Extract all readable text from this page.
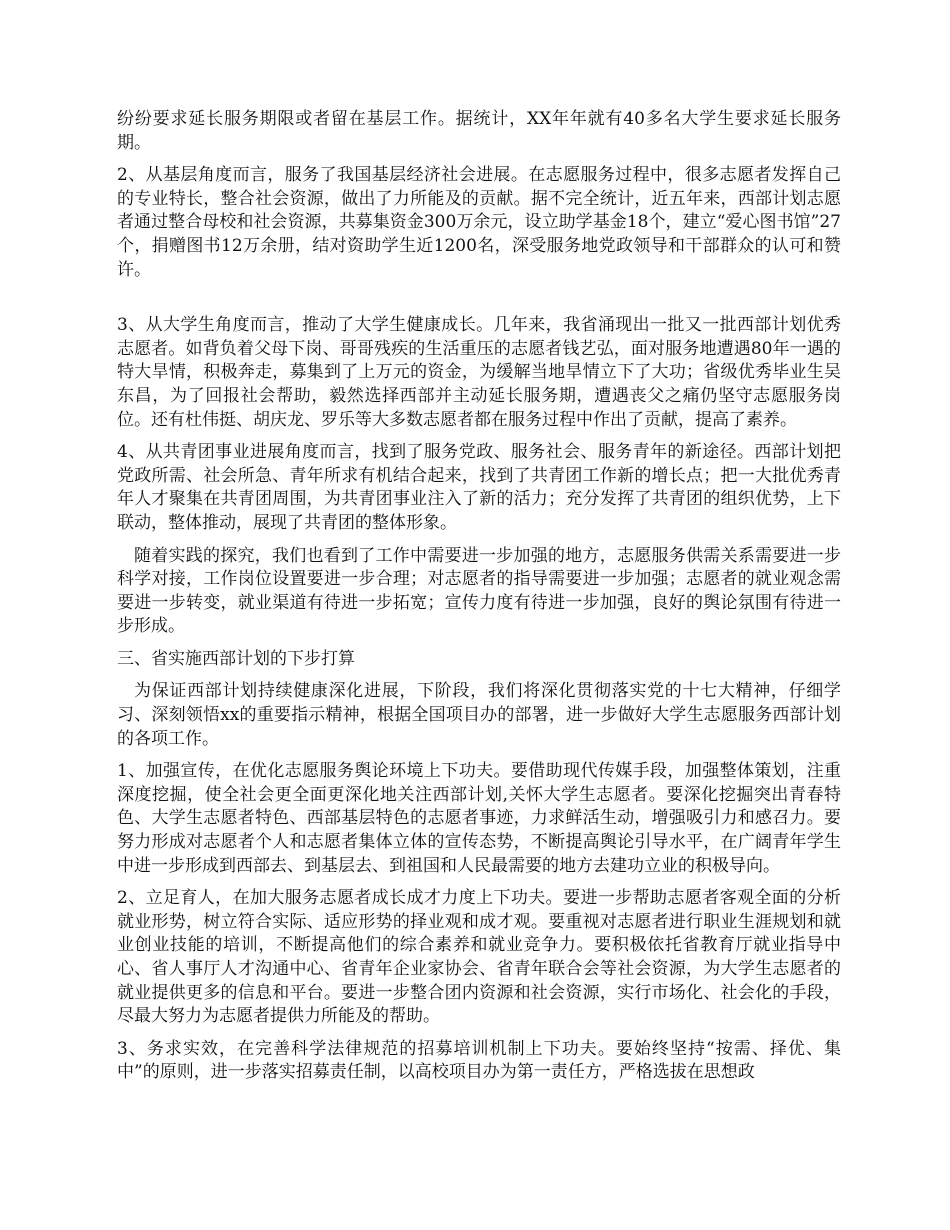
纷纷要求延长服务期限或者留在基层工作。据统计，XX年年就有40多名大学生要求延长服务期。

2、从基层角度而言，服务了我国基层经济社会进展。在志愿服务过程中，很多志愿者发挥自己的专业特长，整合社会资源，做出了力所能及的贡献。据不完全统计，近五年来，西部计划志愿者通过整合母校和社会资源，共募集资金300万余元，设立助学基金18个，建立“爱心图书馆”27个，捐赠图书12万余册，结对资助学生近1200名，深受服务地党政领导和干部群众的认可和赞许。

3、从大学生角度而言，推动了大学生健康成长。几年来，我省涌现出一批又一批西部计划优秀志愿者。如背负着父母下岗、哥哥残疾的生活重压的志愿者钱艺弘，面对服务地遭遇80年一遇的特大旱情，积极奔走，募集到了上万元的资金，为缓解当地旱情立下了大功；省级优秀毕业生吴东昌，为了回报社会帮助，毅然选择西部并主动延长服务期，遭遇丧父之痛仍坚守志愿服务岗位。还有杜伟挺、胡庆龙、罗乐等大多数志愿者都在服务过程中作出了贡献，提高了素养。

4、从共青团事业进展角度而言，找到了服务党政、服务社会、服务青年的新途径。西部计划把党政所需、社会所急、青年所求有机结合起来，找到了共青团工作新的增长点；把一大批优秀青年人才聚集在共青团周围，为共青团事业注入了新的活力；充分发挥了共青团的组织优势，上下联动，整体推动，展现了共青团的整体形象。

随着实践的探究，我们也看到了工作中需要进一步加强的地方，志愿服务供需关系需要进一步科学对接，工作岗位设置要进一步合理；对志愿者的指导需要进一步加强；志愿者的就业观念需要进一步转变，就业渠道有待进一步拓宽；宣传力度有待进一步加强，良好的舆论氛围有待进一步形成。

三、省实施西部计划的下步打算

为保证西部计划持续健康深化进展，下阶段，我们将深化贯彻落实党的十七大精神，仔细学习、深刻领悟xx的重要指示精神，根据全国项目办的部署，进一步做好大学生志愿服务西部计划的各项工作。

1、加强宣传，在优化志愿服务舆论环境上下功夫。要借助现代传媒手段，加强整体策划，注重深度挖掘，使全社会更全面更深化地关注西部计划,关怀大学生志愿者。要深化挖掘突出青春特色、大学生志愿者特色、西部基层特色的志愿者事迹，力求鲜活生动，增强吸引力和感召力。要努力形成对志愿者个人和志愿者集体立体的宣传态势，不断提高舆论引导水平，在广阔青年学生中进一步形成到西部去、到基层去、到祖国和人民最需要的地方去建功立业的积极导向。

2、立足育人，在加大服务志愿者成长成才力度上下功夫。要进一步帮助志愿者客观全面的分析就业形势，树立符合实际、适应形势的择业观和成才观。要重视对志愿者进行职业生涯规划和就业创业技能的培训，不断提高他们的综合素养和就业竞争力。要积极依托省教育厅就业指导中心、省人事厅人才沟通中心、省青年企业家协会、省青年联合会等社会资源，为大学生志愿者的就业提供更多的信息和平台。要进一步整合团内资源和社会资源，实行市场化、社会化的手段，尽最大努力为志愿者提供力所能及的帮助。

3、务求实效，在完善科学法律规范的招募培训机制上下功夫。要始终坚持“按需、择优、集中”的原则，进一步落实招募责任制，以高校项目办为第一责任方，严格选拔在思想政
